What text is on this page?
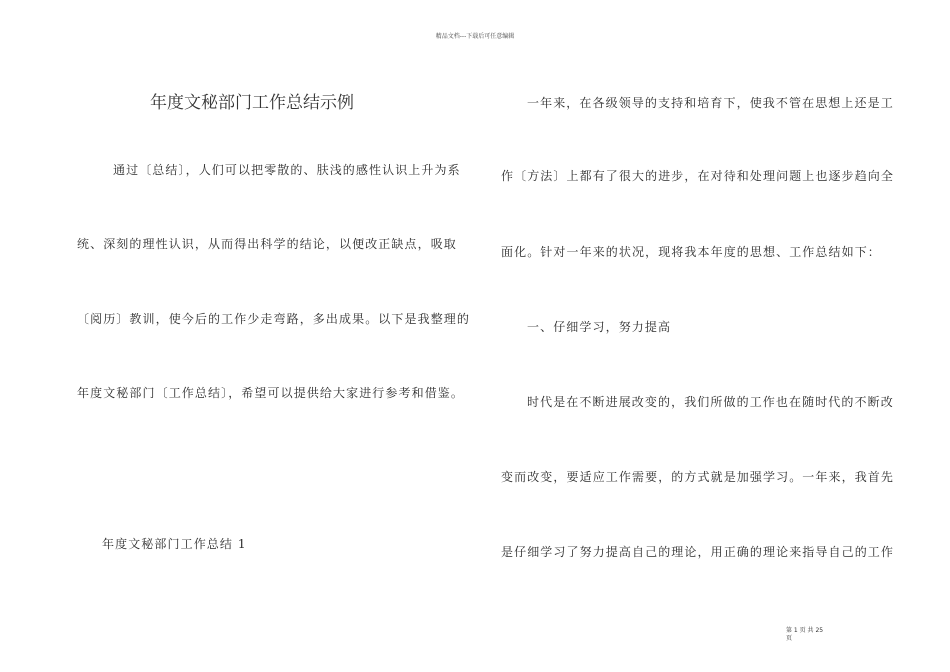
精品文档---下载后可任意编辑
年度文秘部门工作总结示例
通过〔总结〕，人们可以把零散的、肤浅的感性认识上升为系
统、深刻的理性认识，从而得出科学的结论，以便改正缺点，吸取
〔阅历〕教训，使今后的工作少走弯路，多出成果。以下是我整理的
年度文秘部门〔工作总结〕，希望可以提供给大家进行参考和借鉴。
年度文秘部门工作总结 1
一年来，在各级领导的支持和培育下，使我不管在思想上还是工
作〔方法〕上都有了很大的进步，在对待和处理问题上也逐步趋向全
面化。针对一年来的状况，现将我本年度的思想、工作总结如下：
一、仔细学习，努力提高
时代是在不断进展改变的，我们所做的工作也在随时代的不断改
变而改变，要适应工作需要，的方式就是加强学习。一年来，我首先
是仔细学习了努力提高自己的理论，用正确的理论来指导自己的工作
第 1 页 共 25 页
